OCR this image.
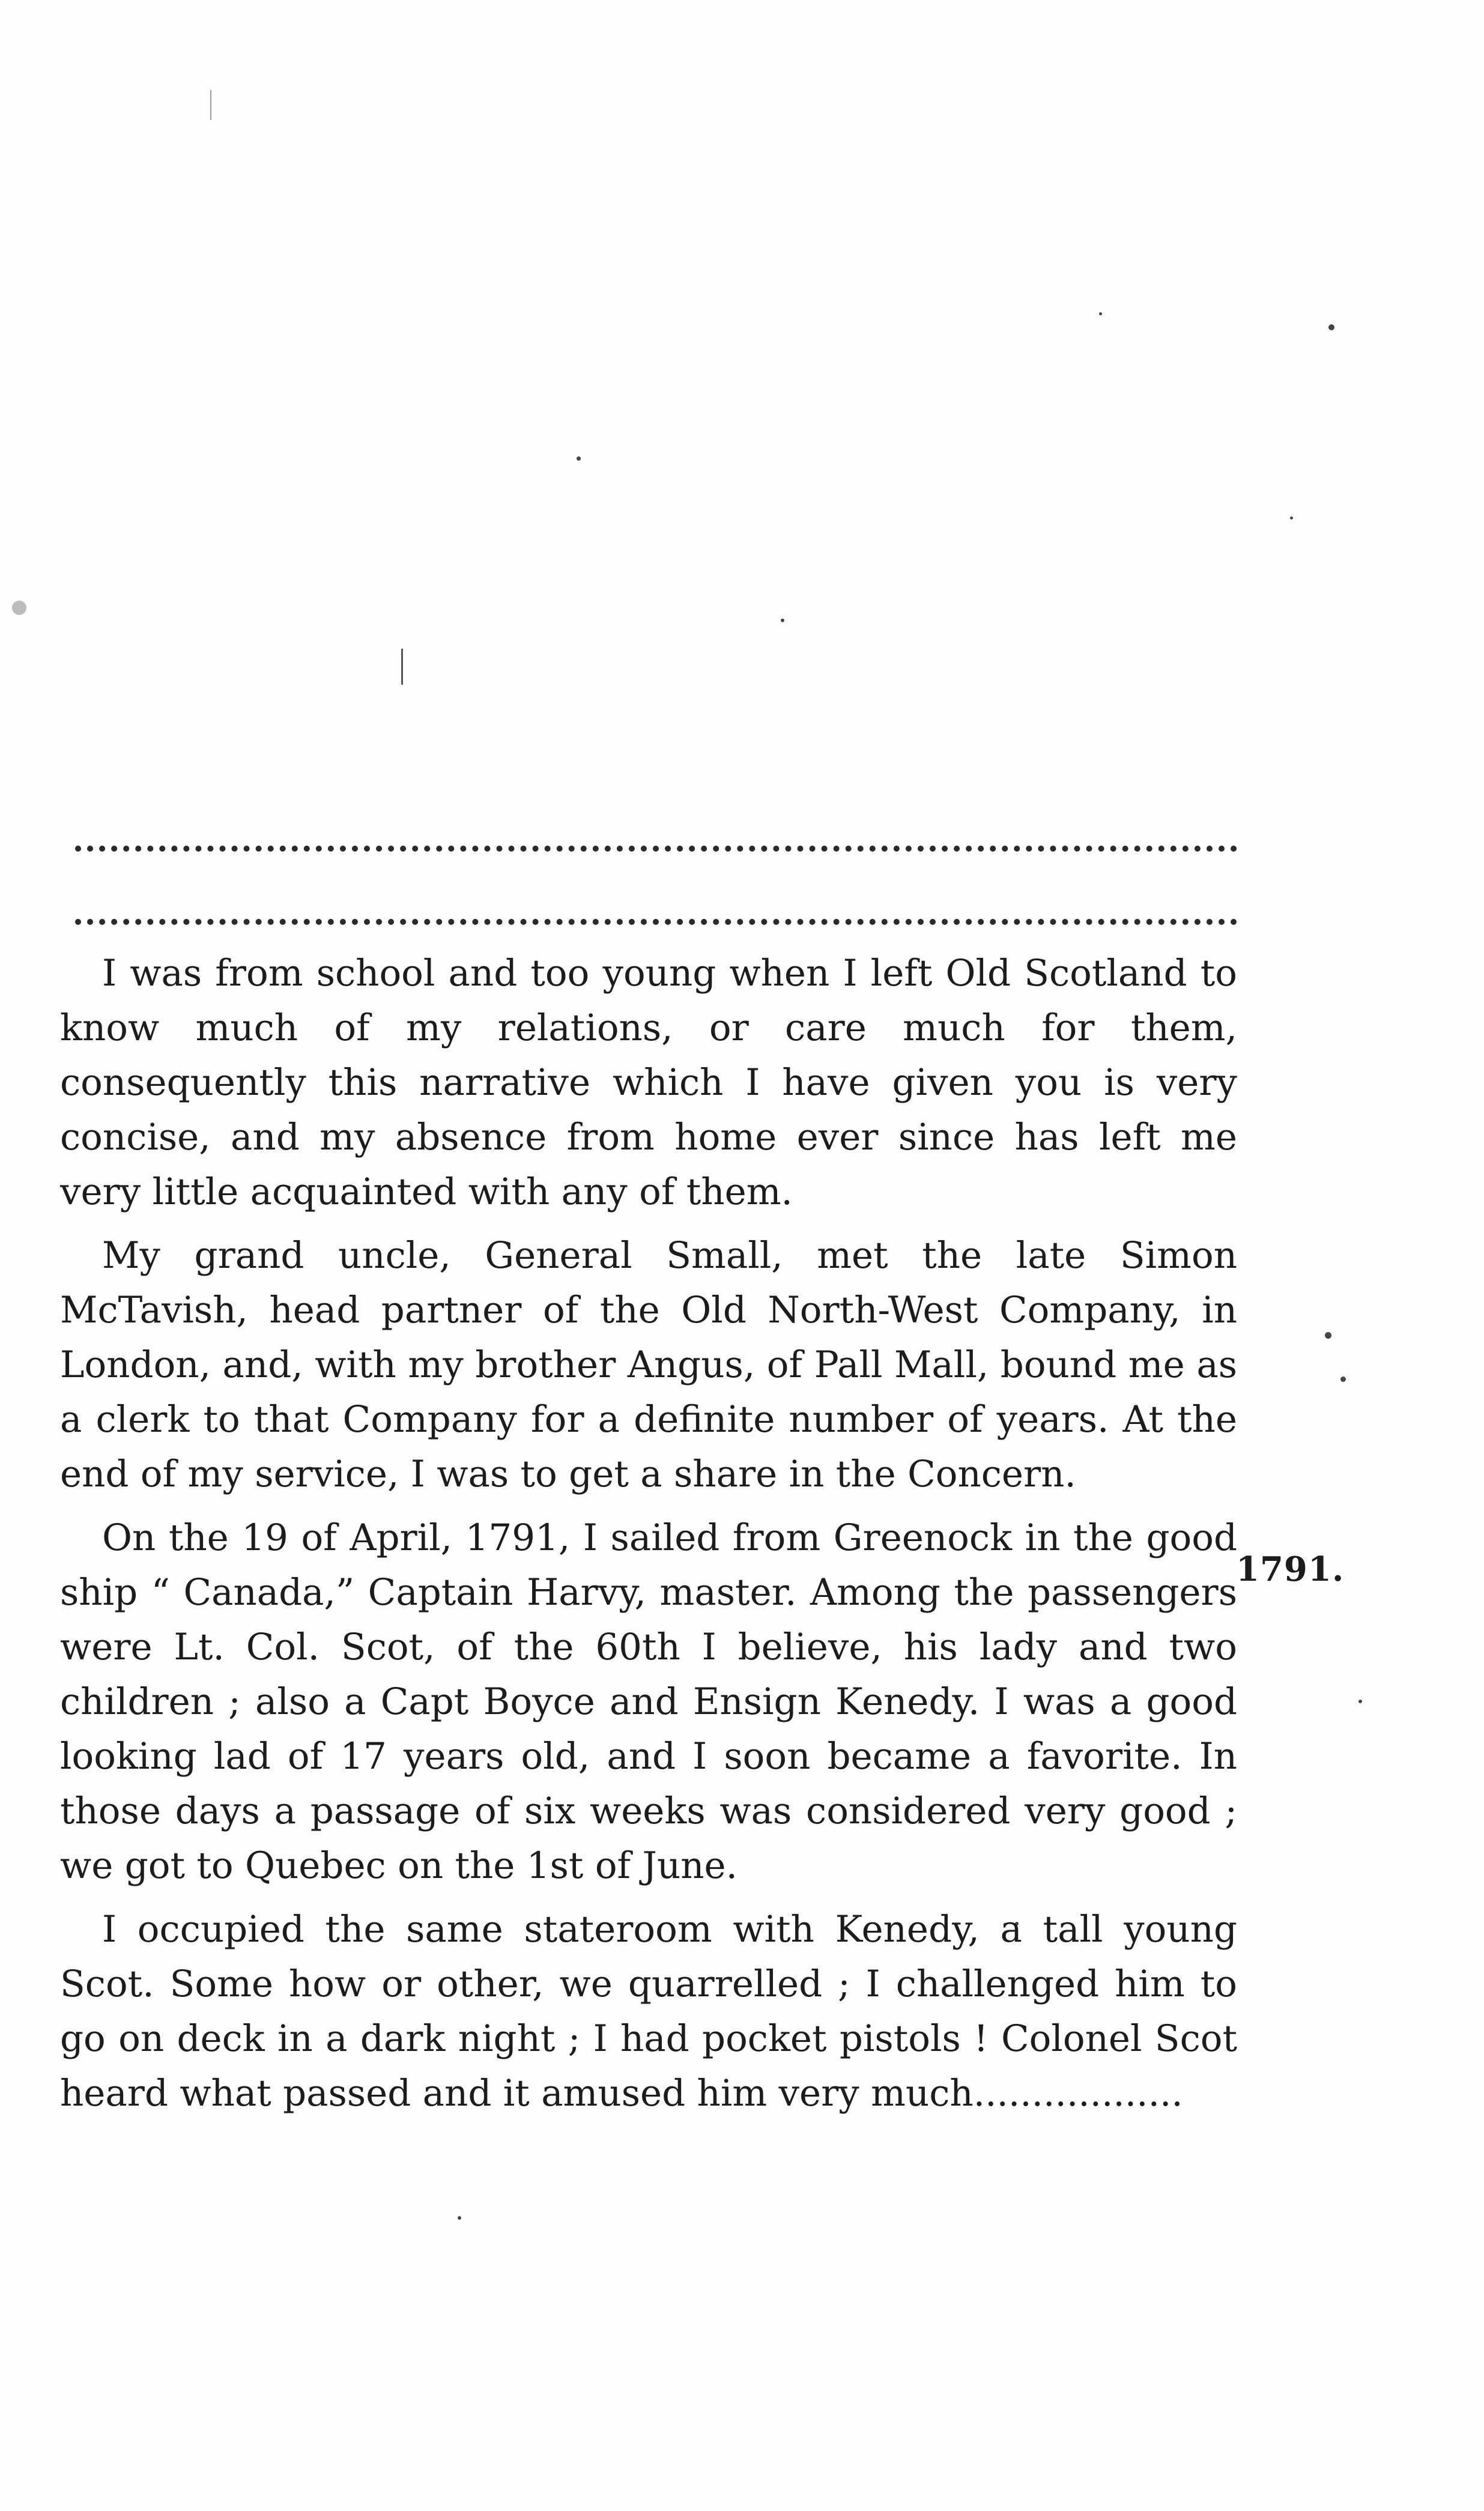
I was from school and too young when I left Old Scotland to know much of my relations, or care much for them, consequently this narrative which I have given you is very concise, and my absence from home ever since has left me very little acquainted with any of them.

My grand uncle, General Small, met the late Simon McTavish, head partner of the Old North-West Company, in London, and, with my brother Angus, of Pall Mall, bound me as a clerk to that Company for a definite number of years. At the end of my service, I was to get a share in the Concern.

On the 19 of April, 1791, I sailed from Greenock in the good ship “ Canada,” Captain Harvy, master. Among the passengers were Lt. Col. Scot, of the 60th I believe, his lady and two children ; also a Capt Boyce and Ensign Kenedy. I was a good looking lad of 17 years old, and I soon became a favorite. In those days a passage of six weeks was considered very good ; we got to Quebec on the 1st of June.

I occupied the same stateroom with Kenedy, a tall young Scot. Some how or other, we quarrelled ; I challenged him to go on deck in a dark night ; I had pocket pistols ! Colonel Scot heard what passed and it amused him very much..................

1791.
